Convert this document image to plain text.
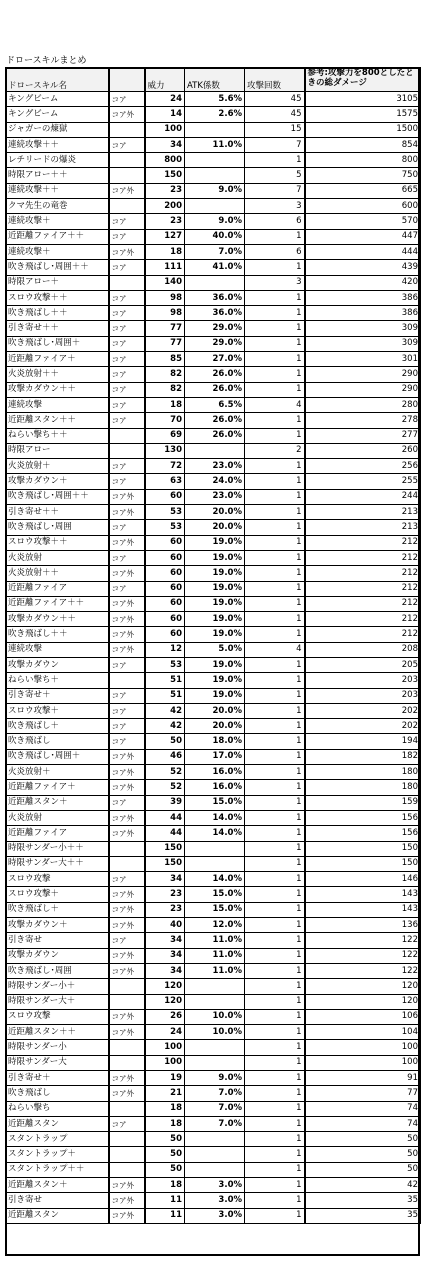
ドロースキルまとめ
ドロースキル名		威力	ATK係数	攻撃回数	参考:攻撃力を800としたときの総ダメージ
キングビーム	コア	24	5.6%	45	3105
キングビーム	コア外	14	2.6%	45	1575
ジャガーの煉獄		100		15	1500
連続攻撃＋＋	コア	34	11.0%	7	854
レチリードの爆炎		800		1	800
時限アロー＋＋		150		5	750
連続攻撃＋＋	コア外	23	9.0%	7	665
クマ先生の竜巻		200		3	600
連続攻撃＋	コア	23	9.0%	6	570
近距離ファイア＋＋	コア	127	40.0%	1	447
連続攻撃＋	コア外	18	7.0%	6	444
吹き飛ばし･周囲＋＋	コア	111	41.0%	1	439
時限アロー＋		140		3	420
スロウ攻撃＋＋	コア	98	36.0%	1	386
吹き飛ばし＋＋	コア	98	36.0%	1	386
引き寄せ＋＋	コア	77	29.0%	1	309
吹き飛ばし･周囲＋	コア	77	29.0%	1	309
近距離ファイア＋	コア	85	27.0%	1	301
火炎放射＋＋	コア	82	26.0%	1	290
攻撃カダウン＋＋	コア	82	26.0%	1	290
連続攻撃	コア	18	6.5%	4	280
近距離スタン＋＋	コア	70	26.0%	1	278
ねらい撃ち＋＋		69	26.0%	1	277
時限アロー		130		2	260
火炎放射＋	コア	72	23.0%	1	256
攻撃カダウン＋	コア	63	24.0%	1	255
吹き飛ばし･周囲＋＋	コア外	60	23.0%	1	244
引き寄せ＋＋	コア外	53	20.0%	1	213
吹き飛ばし･周囲	コア	53	20.0%	1	213
スロウ攻撃＋＋	コア外	60	19.0%	1	212
火炎放射	コア	60	19.0%	1	212
火炎放射＋＋	コア外	60	19.0%	1	212
近距離ファイア	コア	60	19.0%	1	212
近距離ファイア＋＋	コア外	60	19.0%	1	212
攻撃カダウン＋＋	コア外	60	19.0%	1	212
吹き飛ばし＋＋	コア外	60	19.0%	1	212
連続攻撃	コア外	12	5.0%	4	208
攻撃カダウン	コア	53	19.0%	1	205
ねらい撃ち＋		51	19.0%	1	203
引き寄せ＋	コア	51	19.0%	1	203
スロウ攻撃＋	コア	42	20.0%	1	202
吹き飛ばし＋	コア	42	20.0%	1	202
吹き飛ばし	コア	50	18.0%	1	194
吹き飛ばし･周囲＋	コア外	46	17.0%	1	182
火炎放射＋	コア外	52	16.0%	1	180
近距離ファイア＋	コア外	52	16.0%	1	180
近距離スタン＋	コア	39	15.0%	1	159
火炎放射	コア外	44	14.0%	1	156
近距離ファイア	コア外	44	14.0%	1	156
時限サンダー小＋＋		150		1	150
時限サンダー大＋＋		150		1	150
スロウ攻撃	コア	34	14.0%	1	146
スロウ攻撃＋	コア外	23	15.0%	1	143
吹き飛ばし＋	コア外	23	15.0%	1	143
攻撃カダウン＋	コア外	40	12.0%	1	136
引き寄せ	コア	34	11.0%	1	122
攻撃カダウン	コア外	34	11.0%	1	122
吹き飛ばし･周囲	コア外	34	11.0%	1	122
時限サンダー小＋		120		1	120
時限サンダー大＋		120		1	120
スロウ攻撃	コア外	26	10.0%	1	106
近距離スタン＋＋	コア外	24	10.0%	1	104
時限サンダー小		100		1	100
時限サンダー大		100		1	100
引き寄せ＋	コア外	19	9.0%	1	91
吹き飛ばし	コア外	21	7.0%	1	77
ねらい撃ち		18	7.0%	1	74
近距離スタン	コア	18	7.0%	1	74
スタントラップ		50		1	50
スタントラップ＋		50		1	50
スタントラップ＋＋		50		1	50
近距離スタン＋	コア外	18	3.0%	1	42
引き寄せ	コア外	11	3.0%	1	35
近距離スタン	コア外	11	3.0%	1	35
